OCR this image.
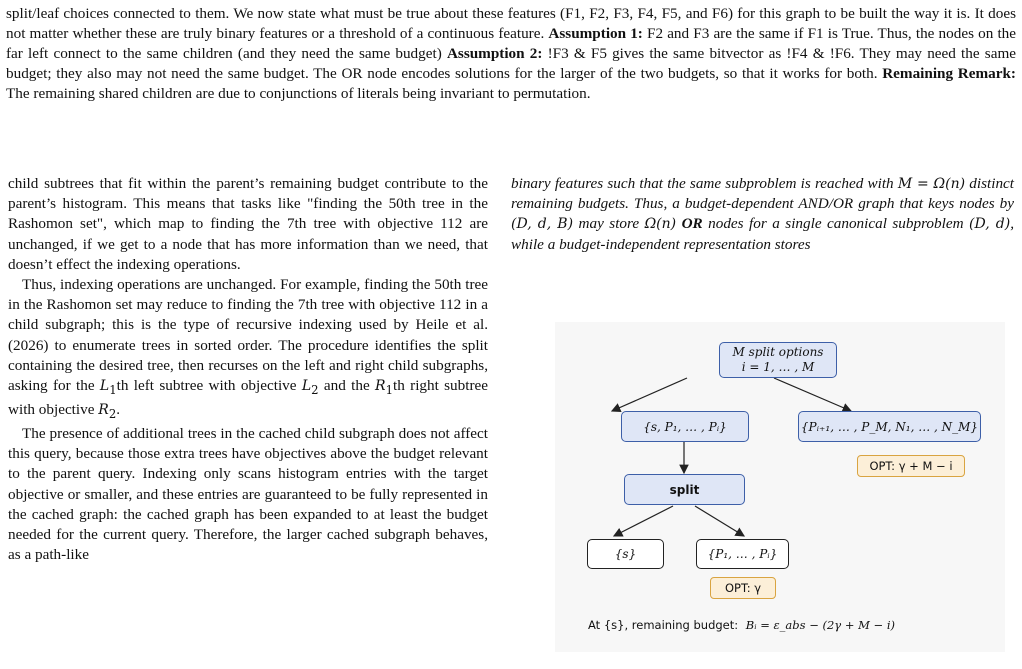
split/leaf choices connected to them. We now state what must be true about these features (F1, F2, F3, F4, F5, and F6) for this graph to be built the way it is. It does not matter whether these are truly binary features or a threshold of a continuous feature. Assumption 1: F2 and F3 are the same if F1 is True. Thus, the nodes on the far left connect to the same children (and they need the same budget) Assumption 2: !F3 & F5 gives the same bitvector as !F4 & !F6. They may need the same budget; they also may not need the same budget. The OR node encodes solutions for the larger of the two budgets, so that it works for both. Remaining Remark: The remaining shared children are due to conjunctions of literals being invariant to permutation.

child subtrees that fit within the parent’s remaining budget contribute to the parent’s histogram. This means that tasks like "finding the 50th tree in the Rashomon set", which map to finding the 7th tree with objective 112 are unchanged, if we get to a node that has more information than we need, that doesn’t effect the indexing operations.

Thus, indexing operations are unchanged. For example, finding the 50th tree in the Rashomon set may reduce to finding the 7th tree with objective 112 in a child subgraph; this is the type of recursive indexing used by Heile et al. (2026) to enumerate trees in sorted order. The procedure identifies the split containing the desired tree, then recurses on the left and right child subgraphs, asking for the $L_1th$ left subtree with objective $L_2$ and the $R_1th$ right subtree with objective $R_2$.

The presence of additional trees in the cached child subgraph does not affect this query, because those extra trees have objectives above the budget relevant to the parent query. Indexing only scans histogram entries with the target objective or smaller, and these entries are guaranteed to be fully represented in the cached graph: the cached graph has been expanded to at least the budget needed for the current query. Therefore, the larger cached subgraph behaves, as a path-like

binary features such that the same subproblem is reached with M = Ω(n) distinct remaining budgets. Thus, a budget-dependent AND/OR graph that keys nodes by (D, d, B) may store Ω(n) OR nodes for a single canonical subproblem (D, d), while a budget-independent representation stores

M split options
i = 1, … , M
{s, P₁, … , Pᵢ}	{Pᵢ₊₁, … , P_M, N₁, … , N_M}
OPT: γ + M − i
split
{s}	{P₁, … , Pᵢ}
OPT: γ
At {s}, remaining budget: Bᵢ = ε_abs − (2γ + M − i)
